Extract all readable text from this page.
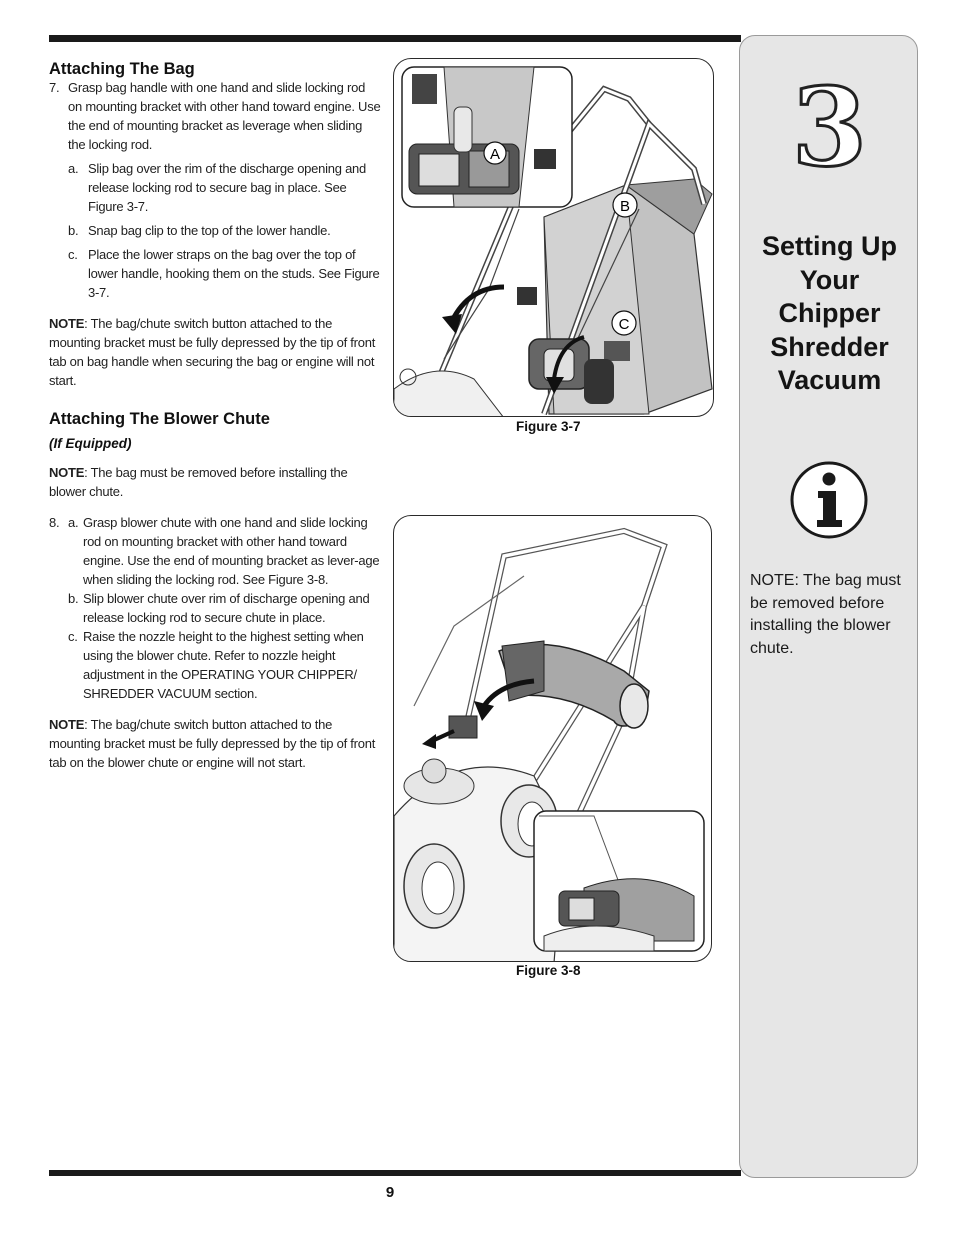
Attaching The Bag
7. Grasp bag handle with one hand and slide locking rod on mounting bracket with other hand toward engine. Use the end of mounting bracket as leverage when sliding the locking rod.
a. Slip bag over the rim of the discharge opening and release locking rod to secure bag in place. See Figure 3-7.
b. Snap bag clip to the top of the lower handle.
c. Place the lower straps on the bag over the top of lower handle, hooking them on the studs. See Figure 3-7.
NOTE: The bag/chute switch button attached to the mounting bracket must be fully depressed by the tip of front tab on bag handle when securing the bag or engine will not start.
Attaching The Blower Chute
(If Equipped)
NOTE: The bag must be removed before installing the blower chute.
8. a. Grasp blower chute with one hand and slide locking rod on mounting bracket with other hand toward engine. Use the end of mounting bracket as lever-age when sliding the locking rod. See Figure 3-8.
b. Slip blower chute over rim of discharge opening and release locking rod to secure chute in place.
c. Raise the nozzle height to the highest setting when using the blower chute. Refer to nozzle height adjustment in the OPERATING YOUR CHIPPER/ SHREDDER VACUUM section.
NOTE: The bag/chute switch button attached to the mounting bracket must be fully depressed by the tip of front tab on the blower chute or engine will not start.
A
B
C
Figure 3-7
Figure 3-8
3
Setting Up
Your
Chipper
Shredder
Vacuum
NOTE: The bag must be removed before installing the blower chute.
9
